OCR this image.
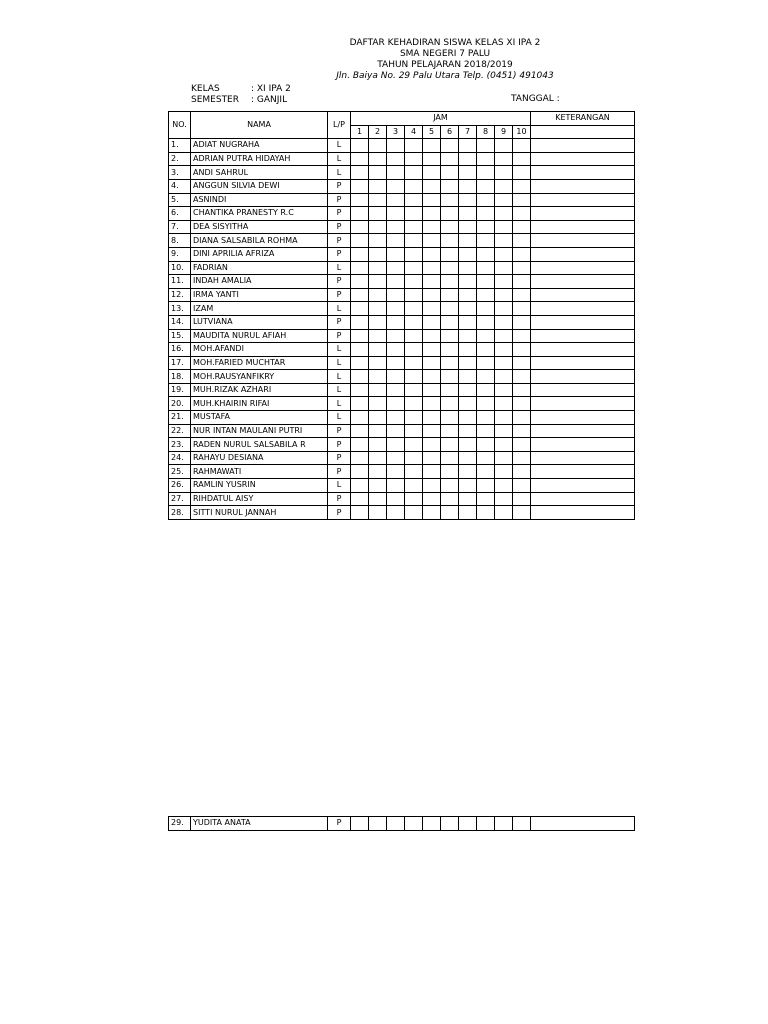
DAFTAR KEHADIRAN SISWA KELAS XI IPA 2
SMA NEGERI 7 PALU
TAHUN PELAJARAN 2018/2019
Jln. Baiya No. 29 Palu Utara Telp. (0451) 491043
KELAS	: XI IPA 2
SEMESTER : GANJIL	TANGGAL :
NO.	NAMA	L/P	JAM										KETERANGAN
			1	2	3	4	5	6	7	8	9	10	
1.	ADIAT NUGRAHA	L											
2.	ADRIAN PUTRA HIDAYAH	L											
3.	ANDI SAHRUL	L											
4.	ANGGUN SILVIA DEWI	P											
5.	ASNINDI	P											
6.	CHANTIKA PRANESTY R.C	P											
7.	DEA SISYITHA	P											
8.	DIANA SALSABILA ROHMA	P											
9.	DINI APRILIA AFRIZA	P											
10.	FADRIAN	L											
11.	INDAH AMALIA	P											
12.	IRMA YANTI	P											
13.	IZAM	L											
14.	LUTVIANA	P											
15.	MAUDITA NURUL AFIAH	P											
16.	MOH.AFANDI	L											
17.	MOH.FARIED MUCHTAR	L											
18.	MOH.RAUSYANFIKRY	L											
19.	MUH.RIZAK AZHARI	L											
20.	MUH.KHAIRIN RIFAI	L											
21.	MUSTAFA	L											
22.	NUR INTAN MAULANI PUTRI	P											
23.	RADEN NURUL SALSABILA R	P											
24.	RAHAYU DESIANA	P											
25.	RAHMAWATI	P											
26.	RAMLIN YUSRIN	L											
27.	RIHDATUL AISY	P											
28.	SITTI NURUL JANNAH	P											
29.	YUDITA ANATA	P											
